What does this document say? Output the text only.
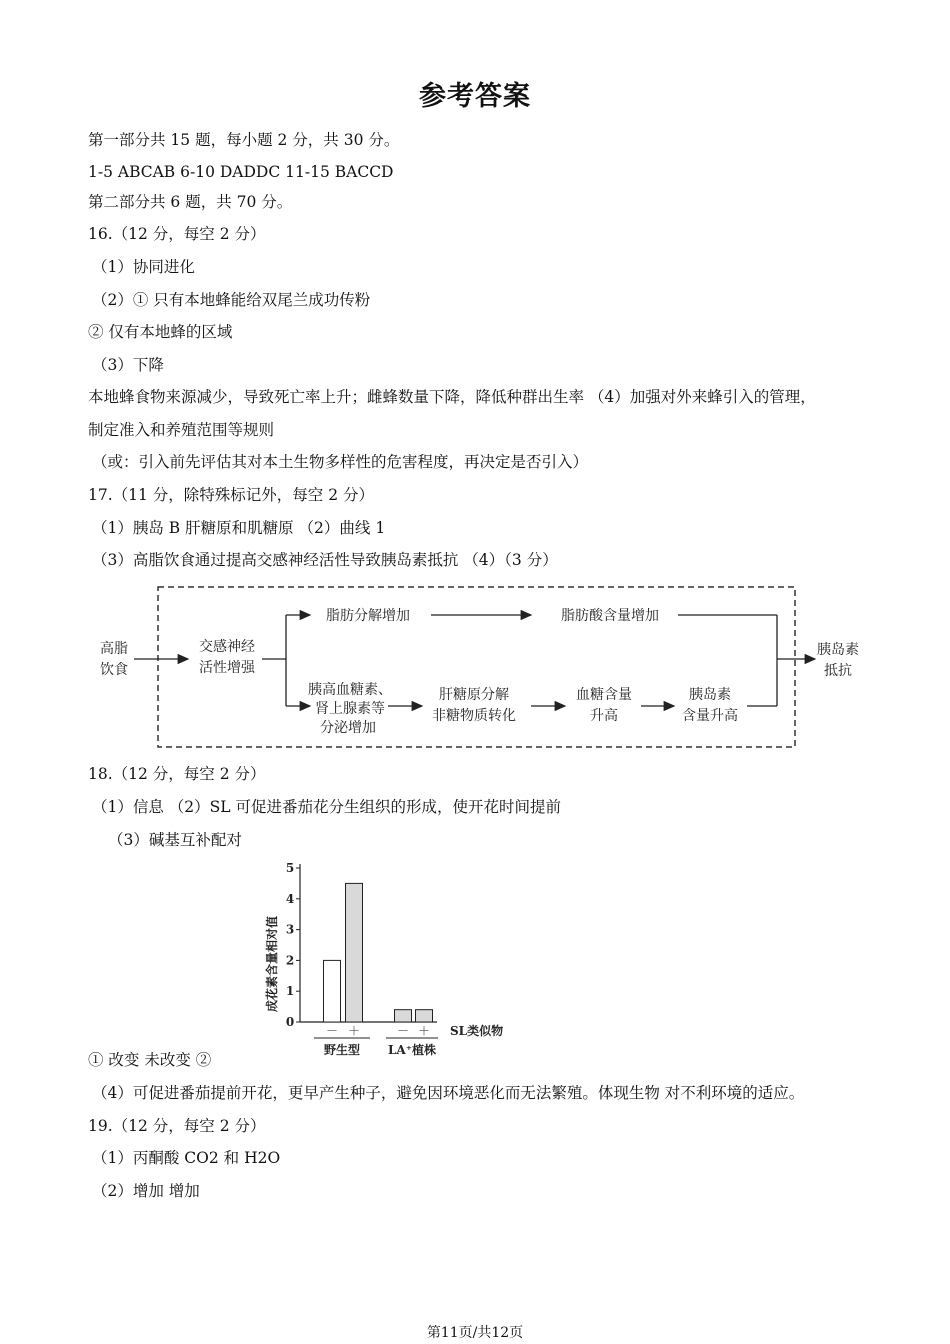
参考答案
第一部分共 15 题，每小题 2 分，共 30 分。
1-5 ABCAB 6-10 DADDC 11-15 BACCD
第二部分共 6 题，共 70 分。
16.（12 分，每空 2 分）
（1）协同进化
（2）① 只有本地蜂能给双尾兰成功传粉
② 仅有本地蜂的区域
（3）下降
本地蜂食物来源减少，导致死亡率上升；雌蜂数量下降，降低种群出生率 （4）加强对外来蜂引入的管理，
制定准入和养殖范围等规则
（或：引入前先评估其对本土生物多样性的危害程度，再决定是否引入）
17.（11 分，除特殊标记外，每空 2 分）
（1）胰岛 B 肝糖原和肌糖原 （2）曲线 1
（3）高脂饮食通过提高交感神经活性导致胰岛素抵抗 （4）（3 分）
高脂
饮食
交感神经
活性增强
脂肪分解增加	脂肪酸含量增加
胰高血糖素、
肾上腺素等
分泌增加
肝糖原分解
非糖物质转化
血糖含量
升高
胰岛素
含量升高
胰岛素
抵抗
18.（12 分，每空 2 分）
（1）信息 （2）SL 可促进番茄花分生组织的形成，使开花时间提前
（3）碱基互补配对
成花素含量相对值
0
1
2
3
4
5
－ ＋
野生型
－ ＋
LA⁺植株
SL类似物
① 改变 未改变 ②
（4）可促进番茄提前开花，更早产生种子，避免因环境恶化而无法繁殖。体现生物 对不利环境的适应。
19.（12 分，每空 2 分）
（1）丙酮酸 CO2 和 H2O
（2）增加 增加
第11页/共12页
